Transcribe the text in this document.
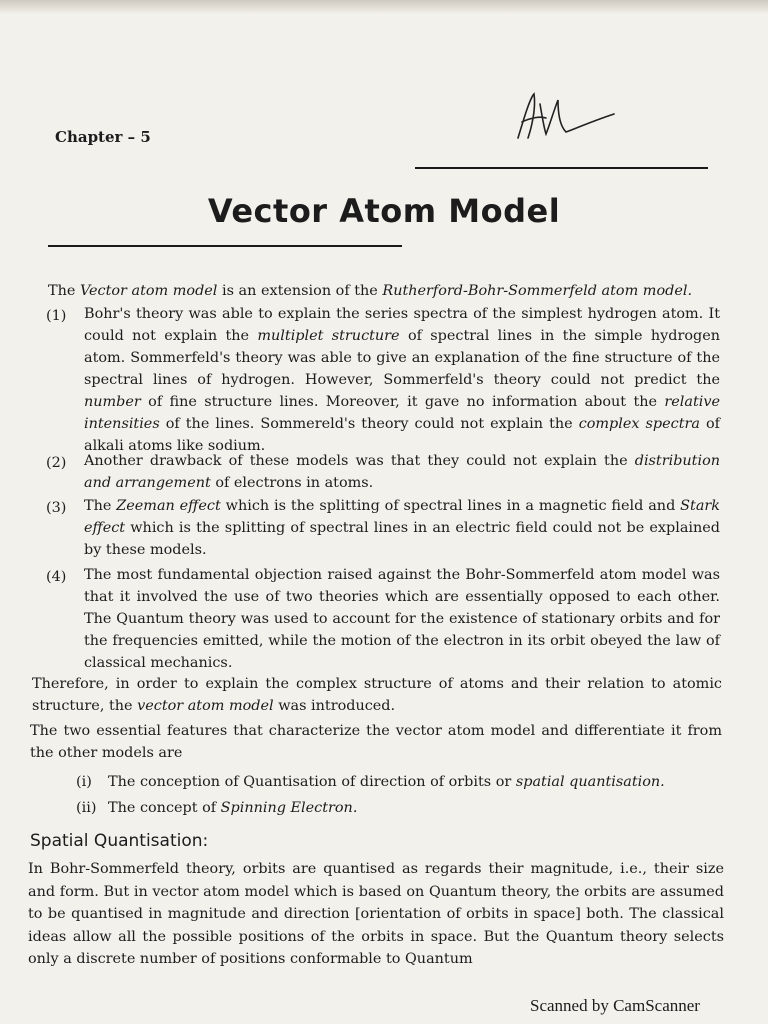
Chapter – 5
Vector Atom Model
The Vector atom model is an extension of the Rutherford-Bohr-Sommerfeld atom model.
(1) Bohr's theory was able to explain the series spectra of the simplest hydrogen atom. It could not explain the multiplet structure of spectral lines in the simple hydrogen atom. Sommerfeld's theory was able to give an explanation of the fine structure of the spectral lines of hydrogen. However, Sommerfeld's theory could not predict the number of fine structure lines. Moreover, it gave no information about the relative intensities of the lines. Sommereld's theory could not explain the complex spectra of alkali atoms like sodium.
(2) Another drawback of these models was that they could not explain the distribution and arrangement of electrons in atoms.
(3) The Zeeman effect which is the splitting of spectral lines in a magnetic field and Stark effect which is the splitting of spectral lines in an electric field could not be explained by these models.
(4) The most fundamental objection raised against the Bohr-Sommerfeld atom model was that it involved the use of two theories which are essentially opposed to each other. The Quantum theory was used to account for the existence of stationary orbits and for the frequencies emitted, while the motion of the electron in its orbit obeyed the law of classical mechanics.
Therefore, in order to explain the complex structure of atoms and their relation to atomic structure, the vector atom model was introduced.
The two essential features that characterize the vector atom model and differentiate it from the other models are
(i) The conception of Quantisation of direction of orbits or spatial quantisation.
(ii) The concept of Spinning Electron.
Spatial Quantisation:
In Bohr-Sommerfeld theory, orbits are quantised as regards their magnitude, i.e., their size and form. But in vector atom model which is based on Quantum theory, the orbits are assumed to be quantised in magnitude and direction [orientation of orbits in space] both. The classical ideas allow all the possible positions of the orbits in space. But the Quantum theory selects only a discrete number of positions conformable to Quantum
Scanned by CamScanner
